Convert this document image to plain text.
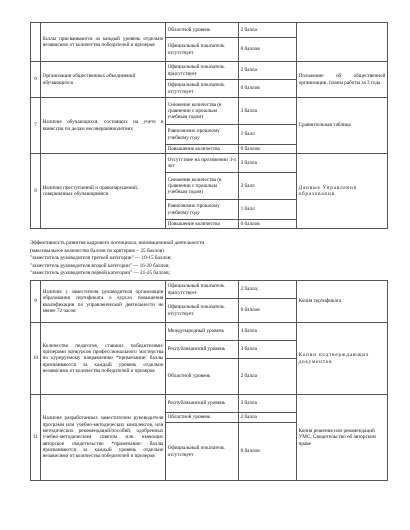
	баллы присваиваются за каждый уровень отдельно независимо от количества победителей и призеров	Областной уровень	2 балла	
		Официальный показатель отсутствует	0 баллов	
6	Организация общественных объединений обучающихся	Официальный показатель присутствует	2 балла	Положение об общественной организации, планы работы за 3 года
		Официальный показатель отсутствует	0 баллов	
7	Наличие обучающихся, состоящих на учете в комиссии по делам несовершеннолетних	Снижение количества (в сравнении с прошлым учебным годом)	3 балла	Сравнительная таблица
		Равнозначно прошлому учебному году	1 балл	
		Повышение количества	0 баллов	
8	Наличие преступлений и правонарушений, совершенных обучающимися	Отсутствие на протяжении 3-х лет	3 балла	Данные Управления образования
		Снижение количества (в сравнении с прошлым учебным годом)	2 балл	
		Равнозначно прошлому учебному году	1 балл	
		Повышение количества	0 баллов	
Эффективность развития кадрового потенциала, инновационной деятельности
(максимальное количество баллов по критерию – 25 баллов)
"заместитель руководителя третьей категории" — 10-15 баллов;
"заместитель руководителя второй категории" — 16-20 баллов;
"заместитель руководителя первой категории" — 21-25 баллов;
9	Наличие у заместителя руководителя организации образования сертификата о курсах повышения квалификации по управленческой деятельности не менее 72 часов	Официальный показатель присутствует	2 балла;	Копия сертификата
		Официальный показатель отсутствует	0 баллов	
10	Количество педагогов, ставших победителями/призерами конкурсов профессионального мастерства по курируемому направлению *примечание: баллы присваиваются за каждый уровень отдельно независимо от количества победителей и призеров	Международный уровень	4 балла	Копии подтверждающих документов
		Республиканский уровень	3 балла	
		Областной уровень	2 балла	
11	Наличие разработанных заместителем руководителя программ или учебно-методических комплексов, или методических рекомендаций/пособий, одобренных учебно-методическим советом или имеющих авторское свидетельство *примечание: баллы присваиваются за каждый уровень отдельно независимо от количества победителей и призеров	Республиканский уровень	3 балла	Копия решения или рекомендаций УМС, Свидетельство об авторском праве
		Областной уровень	2 балла	
		Официальный показатель отсутствует	0 баллов	
